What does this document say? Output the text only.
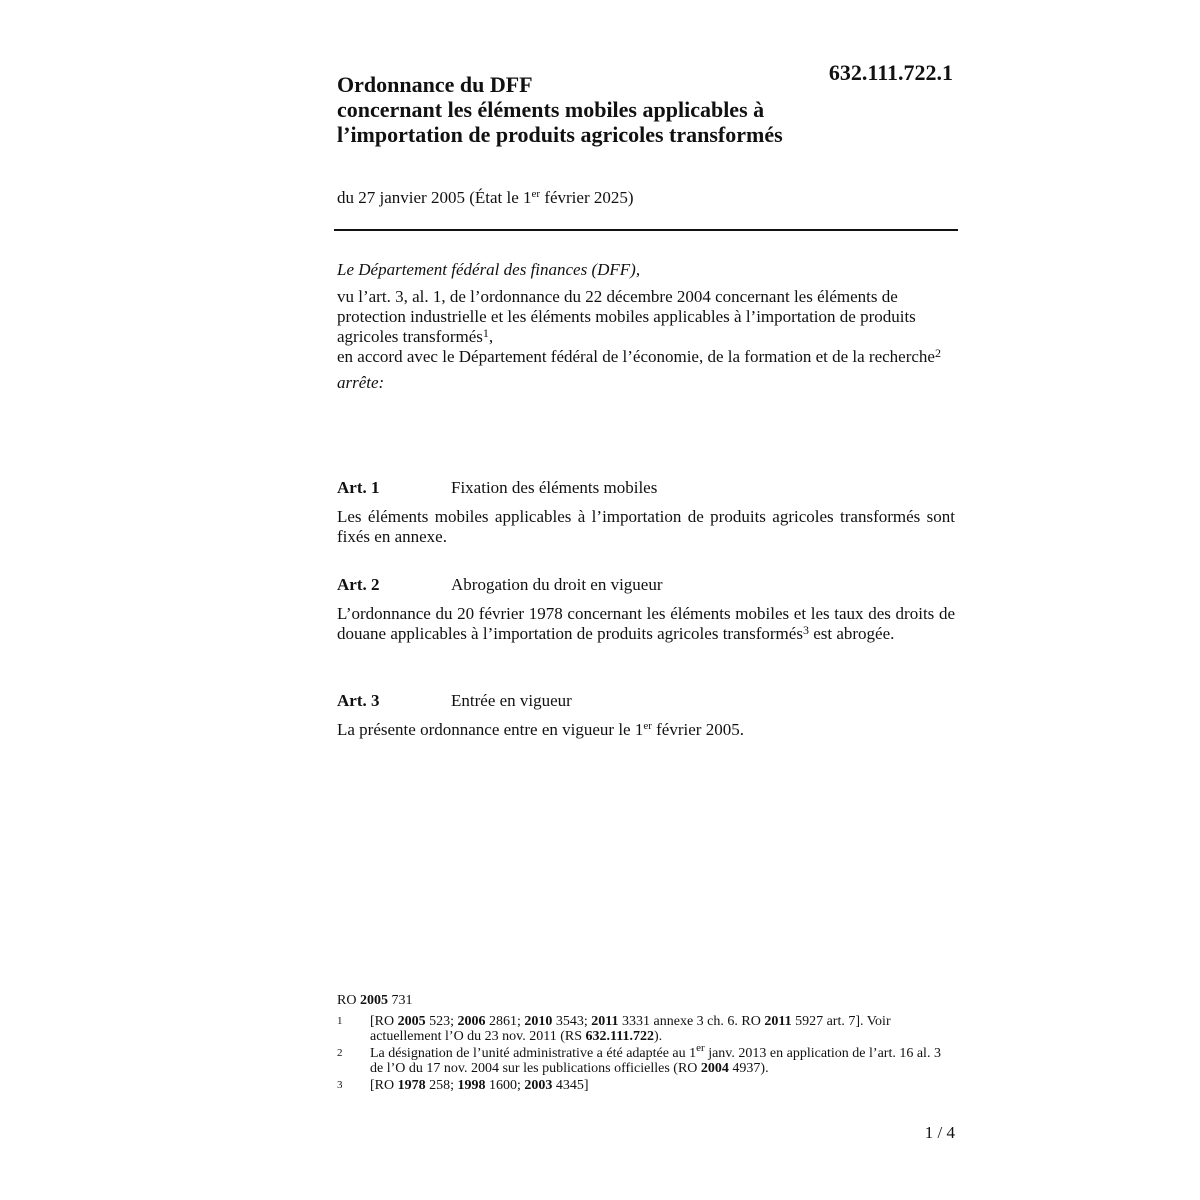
632.111.722.1
Ordonnance du DFF
concernant les éléments mobiles applicables à
l’importation de produits agricoles transformés
du 27 janvier 2005 (État le 1er février 2025)
Le Département fédéral des finances (DFF),
vu l’art. 3, al. 1, de l’ordonnance du 22 décembre 2004 concernant les éléments de protection industrielle et les éléments mobiles applicables à l’importation de produits agricoles transformés$^1$,
en accord avec le Département fédéral de l’économie, de la formation et de la recherche$^2$
arrête:
Art. 1	Fixation des éléments mobiles
Les éléments mobiles applicables à l’importation de produits agricoles transformés sont fixés en annexe.
Art. 2	Abrogation du droit en vigueur
L’ordonnance du 20 février 1978 concernant les éléments mobiles et les taux des droits de douane applicables à l’importation de produits agricoles transformés$^3$ est abrogée.
Art. 3	Entrée en vigueur
La présente ordonnance entre en vigueur le 1er février 2005.
RO 2005 731
1	[RO 2005 523; 2006 2861; 2010 3543; 2011 3331 annexe 3 ch. 6. RO 2011 5927 art. 7]. Voir actuellement l’O du 23 nov. 2011 (RS 632.111.722).
2	La désignation de l’unité administrative a été adaptée au 1er janv. 2013 en application de l’art. 16 al. 3 de l’O du 17 nov. 2004 sur les publications officielles (RO 2004 4937).
3	[RO 1978 258; 1998 1600; 2003 4345]
1 / 4
